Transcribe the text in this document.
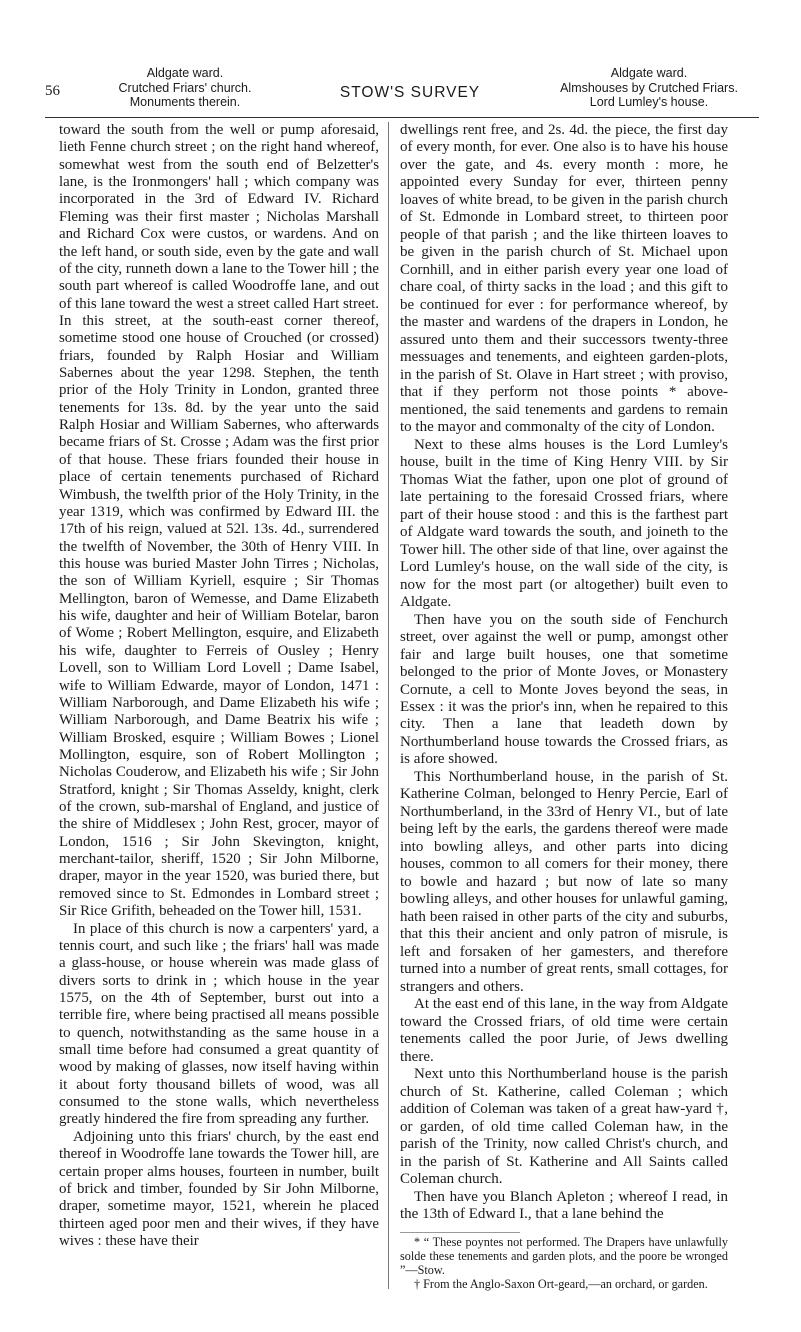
56
Aldgate ward.
Crutched Friars' church.
Monuments therein.
STOW'S SURVEY
Aldgate ward.
Almshouses by Crutched Friars.
Lord Lumley's house.

toward the south from the well or pump aforesaid, lieth Fenne church street ; on the right hand whereof, somewhat west from the south end of Belzetter's lane, is the Ironmongers' hall ; which company was incorporated in the 3rd of Edward IV. Richard Fleming was their first master ; Nicholas Marshall and Richard Cox were custos, or wardens. And on the left hand, or south side, even by the gate and wall of the city, runneth down a lane to the Tower hill ; the south part whereof is called Woodroffe lane, and out of this lane toward the west a street called Hart street. In this street, at the south-east corner thereof, sometime stood one house of Crouched (or crossed) friars, founded by Ralph Hosiar and William Sabernes about the year 1298. Stephen, the tenth prior of the Holy Trinity in London, granted three tenements for 13s. 8d. by the year unto the said Ralph Hosiar and William Sabernes, who afterwards became friars of St. Crosse ; Adam was the first prior of that house. These friars founded their house in place of certain tenements purchased of Richard Wimbush, the twelfth prior of the Holy Trinity, in the year 1319, which was confirmed by Edward III. the 17th of his reign, valued at 52l. 13s. 4d., surrendered the twelfth of November, the 30th of Henry VIII. In this house was buried Master John Tirres ; Nicholas, the son of William Kyriell, esquire ; Sir Thomas Mellington, baron of Wemesse, and Dame Elizabeth his wife, daughter and heir of William Botelar, baron of Wome ; Robert Mellington, esquire, and Elizabeth his wife, daughter to Ferreis of Ousley ; Henry Lovell, son to William Lord Lovell ; Dame Isabel, wife to William Edwarde, mayor of London, 1471 : William Narborough, and Dame Elizabeth his wife ; William Narborough, and Dame Beatrix his wife ; William Brosked, esquire ; William Bowes ; Lionel Mollington, esquire, son of Robert Mollington ; Nicholas Couderow, and Elizabeth his wife ; Sir John Stratford, knight ; Sir Thomas Asseldy, knight, clerk of the crown, sub-marshal of England, and justice of the shire of Middlesex ; John Rest, grocer, mayor of London, 1516 ; Sir John Skevington, knight, merchant-tailor, sheriff, 1520 ; Sir John Milborne, draper, mayor in the year 1520, was buried there, but removed since to St. Edmondes in Lombard street ; Sir Rice Grifith, beheaded on the Tower hill, 1531.

In place of this church is now a carpenters' yard, a tennis court, and such like ; the friars' hall was made a glass-house, or house wherein was made glass of divers sorts to drink in ; which house in the year 1575, on the 4th of September, burst out into a terrible fire, where being practised all means possible to quench, notwithstanding as the same house in a small time before had consumed a great quantity of wood by making of glasses, now itself having within it about forty thousand billets of wood, was all consumed to the stone walls, which nevertheless greatly hindered the fire from spreading any further.

Adjoining unto this friars' church, by the east end thereof in Woodroffe lane towards the Tower hill, are certain proper alms houses, fourteen in number, built of brick and timber, founded by Sir John Milborne, draper, sometime mayor, 1521, wherein he placed thirteen aged poor men and their wives, if they have wives : these have their

dwellings rent free, and 2s. 4d. the piece, the first day of every month, for ever. One also is to have his house over the gate, and 4s. every month : more, he appointed every Sunday for ever, thirteen penny loaves of white bread, to be given in the parish church of St. Edmonde in Lombard street, to thirteen poor people of that parish ; and the like thirteen loaves to be given in the parish church of St. Michael upon Cornhill, and in either parish every year one load of chare coal, of thirty sacks in the load ; and this gift to be continued for ever : for performance whereof, by the master and wardens of the drapers in London, he assured unto them and their successors twenty-three messuages and tenements, and eighteen garden-plots, in the parish of St. Olave in Hart street ; with proviso, that if they perform not those points * above-mentioned, the said tenements and gardens to remain to the mayor and commonalty of the city of London.

Next to these alms houses is the Lord Lumley's house, built in the time of King Henry VIII. by Sir Thomas Wiat the father, upon one plot of ground of late pertaining to the foresaid Crossed friars, where part of their house stood : and this is the farthest part of Aldgate ward towards the south, and joineth to the Tower hill. The other side of that line, over against the Lord Lumley's house, on the wall side of the city, is now for the most part (or altogether) built even to Aldgate.

Then have you on the south side of Fenchurch street, over against the well or pump, amongst other fair and large built houses, one that sometime belonged to the prior of Monte Joves, or Monastery Cornute, a cell to Monte Joves beyond the seas, in Essex : it was the prior's inn, when he repaired to this city. Then a lane that leadeth down by Northumberland house towards the Crossed friars, as is afore showed.

This Northumberland house, in the parish of St. Katherine Colman, belonged to Henry Percie, Earl of Northumberland, in the 33rd of Henry VI., but of late being left by the earls, the gardens thereof were made into bowling alleys, and other parts into dicing houses, common to all comers for their money, there to bowle and hazard ; but now of late so many bowling alleys, and other houses for unlawful gaming, hath been raised in other parts of the city and suburbs, that this their ancient and only patron of misrule, is left and forsaken of her gamesters, and therefore turned into a number of great rents, small cottages, for strangers and others.

At the east end of this lane, in the way from Aldgate toward the Crossed friars, of old time were certain tenements called the poor Jurie, of Jews dwelling there.

Next unto this Northumberland house is the parish church of St. Katherine, called Coleman ; which addition of Coleman was taken of a great haw-yard †, or garden, of old time called Coleman haw, in the parish of the Trinity, now called Christ's church, and in the parish of St. Katherine and All Saints called Coleman church.

Then have you Blanch Apleton ; whereof I read, in the 13th of Edward I., that a lane behind the

* “ These poyntes not performed. The Drapers have unlawfully solde these tenements and garden plots, and the poore be wronged ”—Stow.

† From the Anglo-Saxon Ort-geard,—an orchard, or garden.
